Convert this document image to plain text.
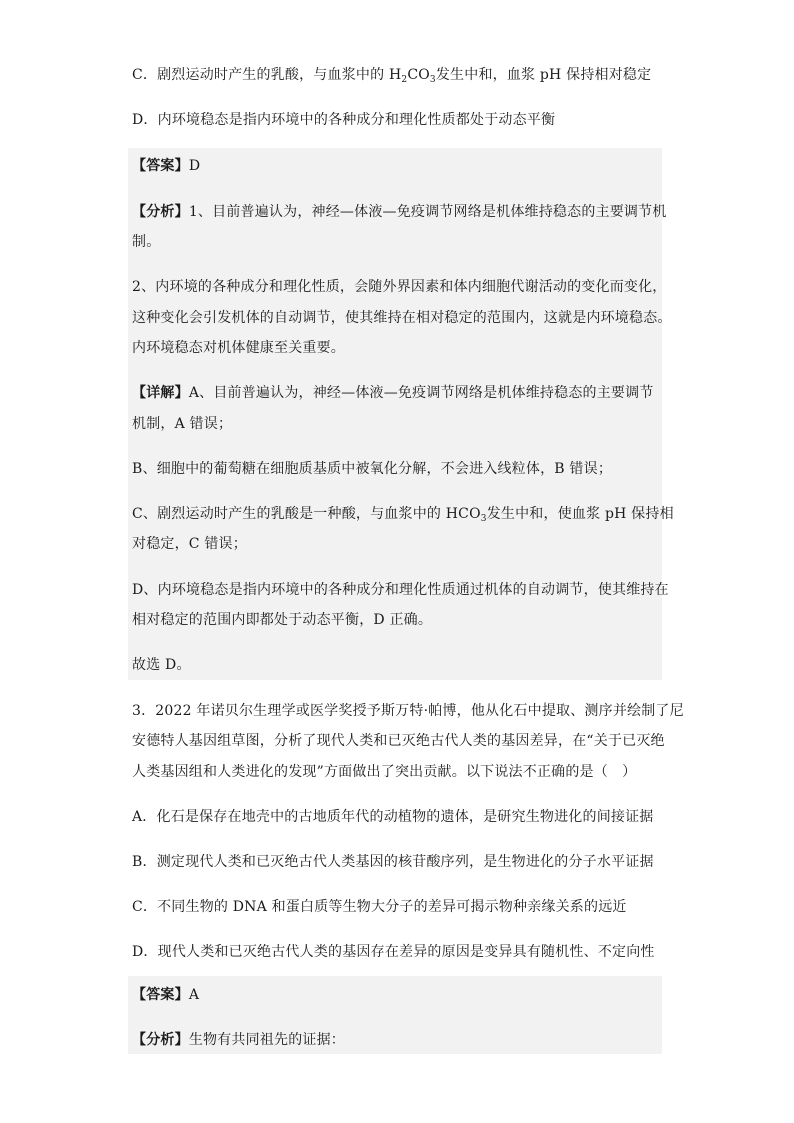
C．剧烈运动时产生的乳酸，与血浆中的 $H_2CO_3$发生中和，血浆 pH 保持相对稳定
D．内环境稳态是指内环境中的各种成分和理化性质都处于动态平衡
【答案】D
【分析】1、目前普遍认为，神经—体液—免疫调节网络是机体维持稳态的主要调节机
制。
2、内环境的各种成分和理化性质，会随外界因素和体内细胞代谢活动的变化而变化，
这种变化会引发机体的自动调节，使其维持在相对稳定的范围内，这就是内环境稳态。
内环境稳态对机体健康至关重要。
【详解】A、目前普遍认为，神经—体液—免疫调节网络是机体维持稳态的主要调节
机制，A 错误；
B、细胞中的葡萄糖在细胞质基质中被氧化分解，不会进入线粒体，B 错误；
C、剧烈运动时产生的乳酸是一种酸，与血浆中的 $HCO_3$发生中和，使血浆 pH 保持相
对稳定，C 错误；
D、内环境稳态是指内环境中的各种成分和理化性质通过机体的自动调节，使其维持在
相对稳定的范围内即都处于动态平衡，D 正确。
故选 D。
3．2022 年诺贝尔生理学或医学奖授予斯万特·帕博，他从化石中提取、测序并绘制了尼
安德特人基因组草图，分析了现代人类和已灭绝古代人类的基因差异，在“关于已灭绝
人类基因组和人类进化的发现”方面做出了突出贡献。以下说法不正确的是（　）
A．化石是保存在地壳中的古地质年代的动植物的遗体，是研究生物进化的间接证据
B．测定现代人类和已灭绝古代人类基因的核苷酸序列，是生物进化的分子水平证据
C．不同生物的 DNA 和蛋白质等生物大分子的差异可揭示物种亲缘关系的远近
D．现代人类和已灭绝古代人类的基因存在差异的原因是变异具有随机性、不定向性
【答案】A
【分析】生物有共同祖先的证据：
